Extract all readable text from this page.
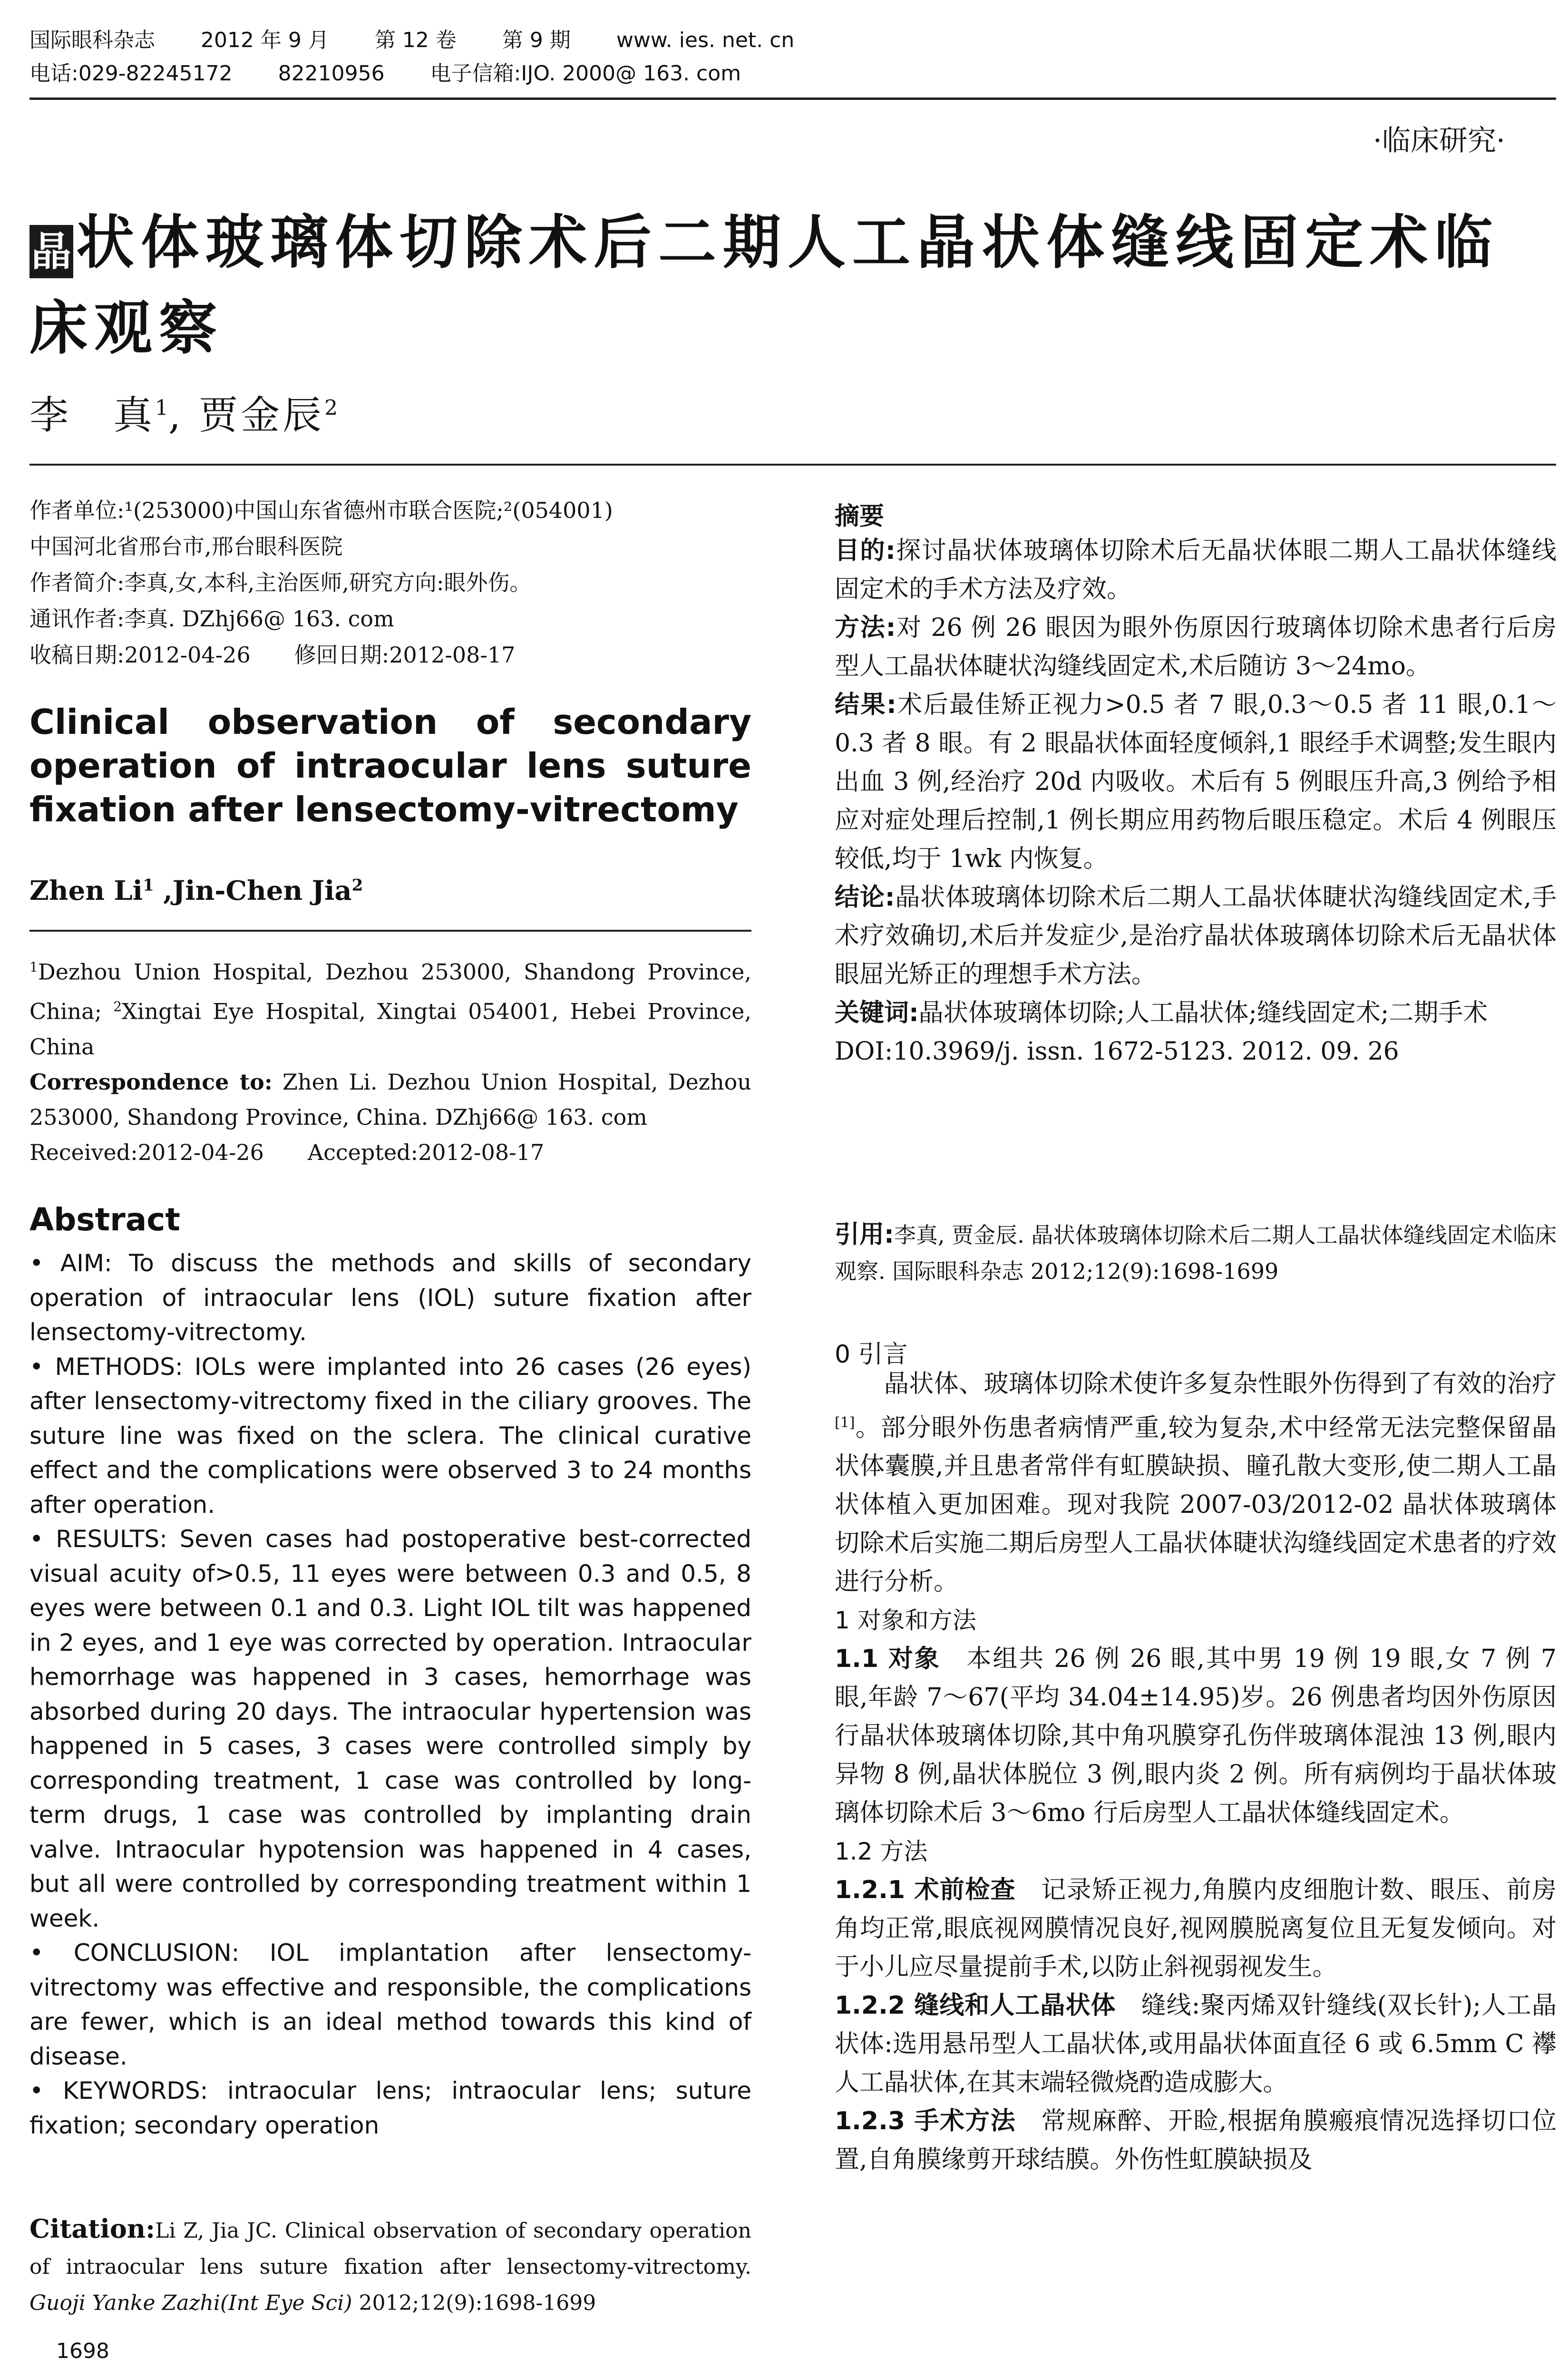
国际眼科杂志 2012 年 9 月 第 12 卷 第 9 期 www. ies. net. cn
电话:029-82245172 82210956 电子信箱:IJO. 2000@ 163. com
·临床研究·
晶状体玻璃体切除术后二期人工晶状体缝线固定术临床观察
李　真$^1$, 贾金辰$^2$
作者单位:¹(253000)中国山东省德州市联合医院;²(054001)
中国河北省邢台市,邢台眼科医院
作者简介:李真,女,本科,主治医师,研究方向:眼外伤。
通讯作者:李真. DZhj66@ 163. com
收稿日期:2012-04-26　　修回日期:2012-08-17
Clinical observation of secondary
operation of intraocular lens suture
fixation after lensectomy-vitrectomy
Zhen Li$^1$ ,Jin-Chen Jia$^2$
$^1$Dezhou Union Hospital, Dezhou 253000, Shandong Province, China; $^2$Xingtai Eye Hospital, Xingtai 054001, Hebei Province, China
Correspondence to: Zhen Li. Dezhou Union Hospital, Dezhou 253000, Shandong Province, China. DZhj66@ 163. com
Received:2012-04-26　　Accepted:2012-08-17
Abstract

• AIM: To discuss the methods and skills of secondary operation of intraocular lens (IOL) suture fixation after lensectomy-vitrectomy.

• METHODS: IOLs were implanted into 26 cases (26 eyes) after lensectomy-vitrectomy fixed in the ciliary grooves. The suture line was fixed on the sclera. The clinical curative effect and the complications were observed 3 to 24 months after operation.

• RESULTS: Seven cases had postoperative best-corrected visual acuity of>0.5, 11 eyes were between 0.3 and 0.5, 8 eyes were between 0.1 and 0.3. Light IOL tilt was happened in 2 eyes, and 1 eye was corrected by operation. Intraocular hemorrhage was happened in 3 cases, hemorrhage was absorbed during 20 days. The intraocular hypertension was happened in 5 cases, 3 cases were controlled simply by corresponding treatment, 1 case was controlled by long-term drugs, 1 case was controlled by implanting drain valve. Intraocular hypotension was happened in 4 cases, but all were controlled by corresponding treatment within 1 week.

• CONCLUSION: IOL implantation after lensectomy-vitrectomy was effective and responsible, the complications are fewer, which is an ideal method towards this kind of disease.

• KEYWORDS: intraocular lens; intraocular lens; suture fixation; secondary operation

Citation:Li Z, Jia JC. Clinical observation of secondary operation of intraocular lens suture fixation after lensectomy-vitrectomy. Guoji Yanke Zazhi(Int Eye Sci) 2012;12(9):1698-1699
1698
摘要

目的:探讨晶状体玻璃体切除术后无晶状体眼二期人工晶状体缝线固定术的手术方法及疗效。

方法:对 26 例 26 眼因为眼外伤原因行玻璃体切除术患者行后房型人工晶状体睫状沟缝线固定术,术后随访 3～24mo。

结果:术后最佳矫正视力>0.5 者 7 眼,0.3～0.5 者 11 眼,0.1～0.3 者 8 眼。有 2 眼晶状体面轻度倾斜,1 眼经手术调整;发生眼内出血 3 例,经治疗 20d 内吸收。术后有 5 例眼压升高,3 例给予相应对症处理后控制,1 例长期应用药物后眼压稳定。术后 4 例眼压较低,均于 1wk 内恢复。

结论:晶状体玻璃体切除术后二期人工晶状体睫状沟缝线固定术,手术疗效确切,术后并发症少,是治疗晶状体玻璃体切除术后无晶状体眼屈光矫正的理想手术方法。

关键词:晶状体玻璃体切除;人工晶状体;缝线固定术;二期手术

DOI:10.3969/j. issn. 1672-5123. 2012. 09. 26

引用:李真, 贾金辰. 晶状体玻璃体切除术后二期人工晶状体缝线固定术临床观察. 国际眼科杂志 2012;12(9):1698-1699
0 引言

晶状体、玻璃体切除术使许多复杂性眼外伤得到了有效的治疗[1]。部分眼外伤患者病情严重,较为复杂,术中经常无法完整保留晶状体囊膜,并且患者常伴有虹膜缺损、瞳孔散大变形,使二期人工晶状体植入更加困难。现对我院 2007-03/2012-02 晶状体玻璃体切除术后实施二期后房型人工晶状体睫状沟缝线固定术患者的疗效进行分析。

1 对象和方法

1.1 对象　本组共 26 例 26 眼,其中男 19 例 19 眼,女 7 例 7 眼,年龄 7～67(平均 34.04±14.95)岁。26 例患者均因外伤原因行晶状体玻璃体切除,其中角巩膜穿孔伤伴玻璃体混浊 13 例,眼内异物 8 例,晶状体脱位 3 例,眼内炎 2 例。所有病例均于晶状体玻璃体切除术后 3～6mo 行后房型人工晶状体缝线固定术。

1.2 方法

1.2.1 术前检查　记录矫正视力,角膜内皮细胞计数、眼压、前房角均正常,眼底视网膜情况良好,视网膜脱离复位且无复发倾向。对于小儿应尽量提前手术,以防止斜视弱视发生。

1.2.2 缝线和人工晶状体　缝线:聚丙烯双针缝线(双长针);人工晶状体:选用悬吊型人工晶状体,或用晶状体面直径 6 或 6.5mm C 襻人工晶状体,在其末端轻微烧酌造成膨大。

1.2.3 手术方法　常规麻醉、开睑,根据角膜瘢痕情况选择切口位置,自角膜缘剪开球结膜。外伤性虹膜缺损及
